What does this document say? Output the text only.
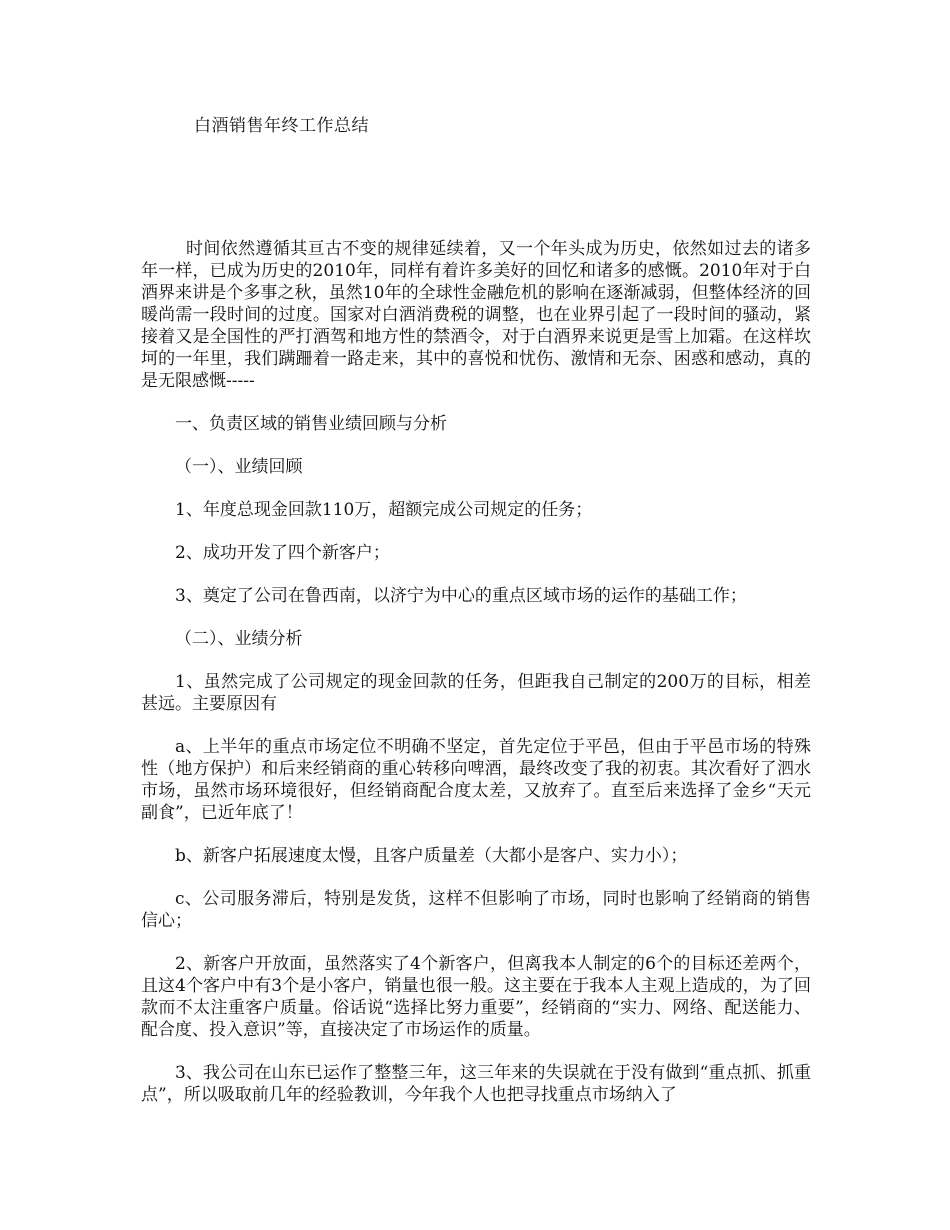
白酒销售年终工作总结

时间依然遵循其亘古不变的规律延续着，又一个年头成为历史，依然如过去的诸多年一样，已成为历史的2010年，同样有着许多美好的回忆和诸多的感慨。2010年对于白酒界来讲是个多事之秋，虽然10年的全球性金融危机的影响在逐渐减弱，但整体经济的回暖尚需一段时间的过度。国家对白酒消费税的调整，也在业界引起了一段时间的骚动，紧接着又是全国性的严打酒驾和地方性的禁酒令，对于白酒界来说更是雪上加霜。在这样坎坷的一年里，我们蹒跚着一路走来，其中的喜悦和忧伤、激情和无奈、困惑和感动，真的是无限感慨-----

一、负责区域的销售业绩回顾与分析

（一）、业绩回顾

1、年度总现金回款110万，超额完成公司规定的任务；

2、成功开发了四个新客户；

3、奠定了公司在鲁西南，以济宁为中心的重点区域市场的运作的基础工作；

（二）、业绩分析

1、虽然完成了公司规定的现金回款的任务，但距我自己制定的200万的目标，相差甚远。主要原因有

a、上半年的重点市场定位不明确不坚定，首先定位于平邑，但由于平邑市场的特殊性（地方保护）和后来经销商的重心转移向啤酒，最终改变了我的初衷。其次看好了泗水市场，虽然市场环境很好，但经销商配合度太差，又放弃了。直至后来选择了金乡“天元副食”，已近年底了！

b、新客户拓展速度太慢，且客户质量差（大都小是客户、实力小）；

c、公司服务滞后，特别是发货，这样不但影响了市场，同时也影响了经销商的销售信心；

2、新客户开放面，虽然落实了4个新客户，但离我本人制定的6个的目标还差两个，且这4个客户中有3个是小客户，销量也很一般。这主要在于我本人主观上造成的，为了回款而不太注重客户质量。俗话说“选择比努力重要”，经销商的“实力、网络、配送能力、配合度、投入意识”等，直接决定了市场运作的质量。

3、我公司在山东已运作了整整三年，这三年来的失误就在于没有做到“重点抓、抓重点”，所以吸取前几年的经验教训，今年我个人也把寻找重点市场纳入了
